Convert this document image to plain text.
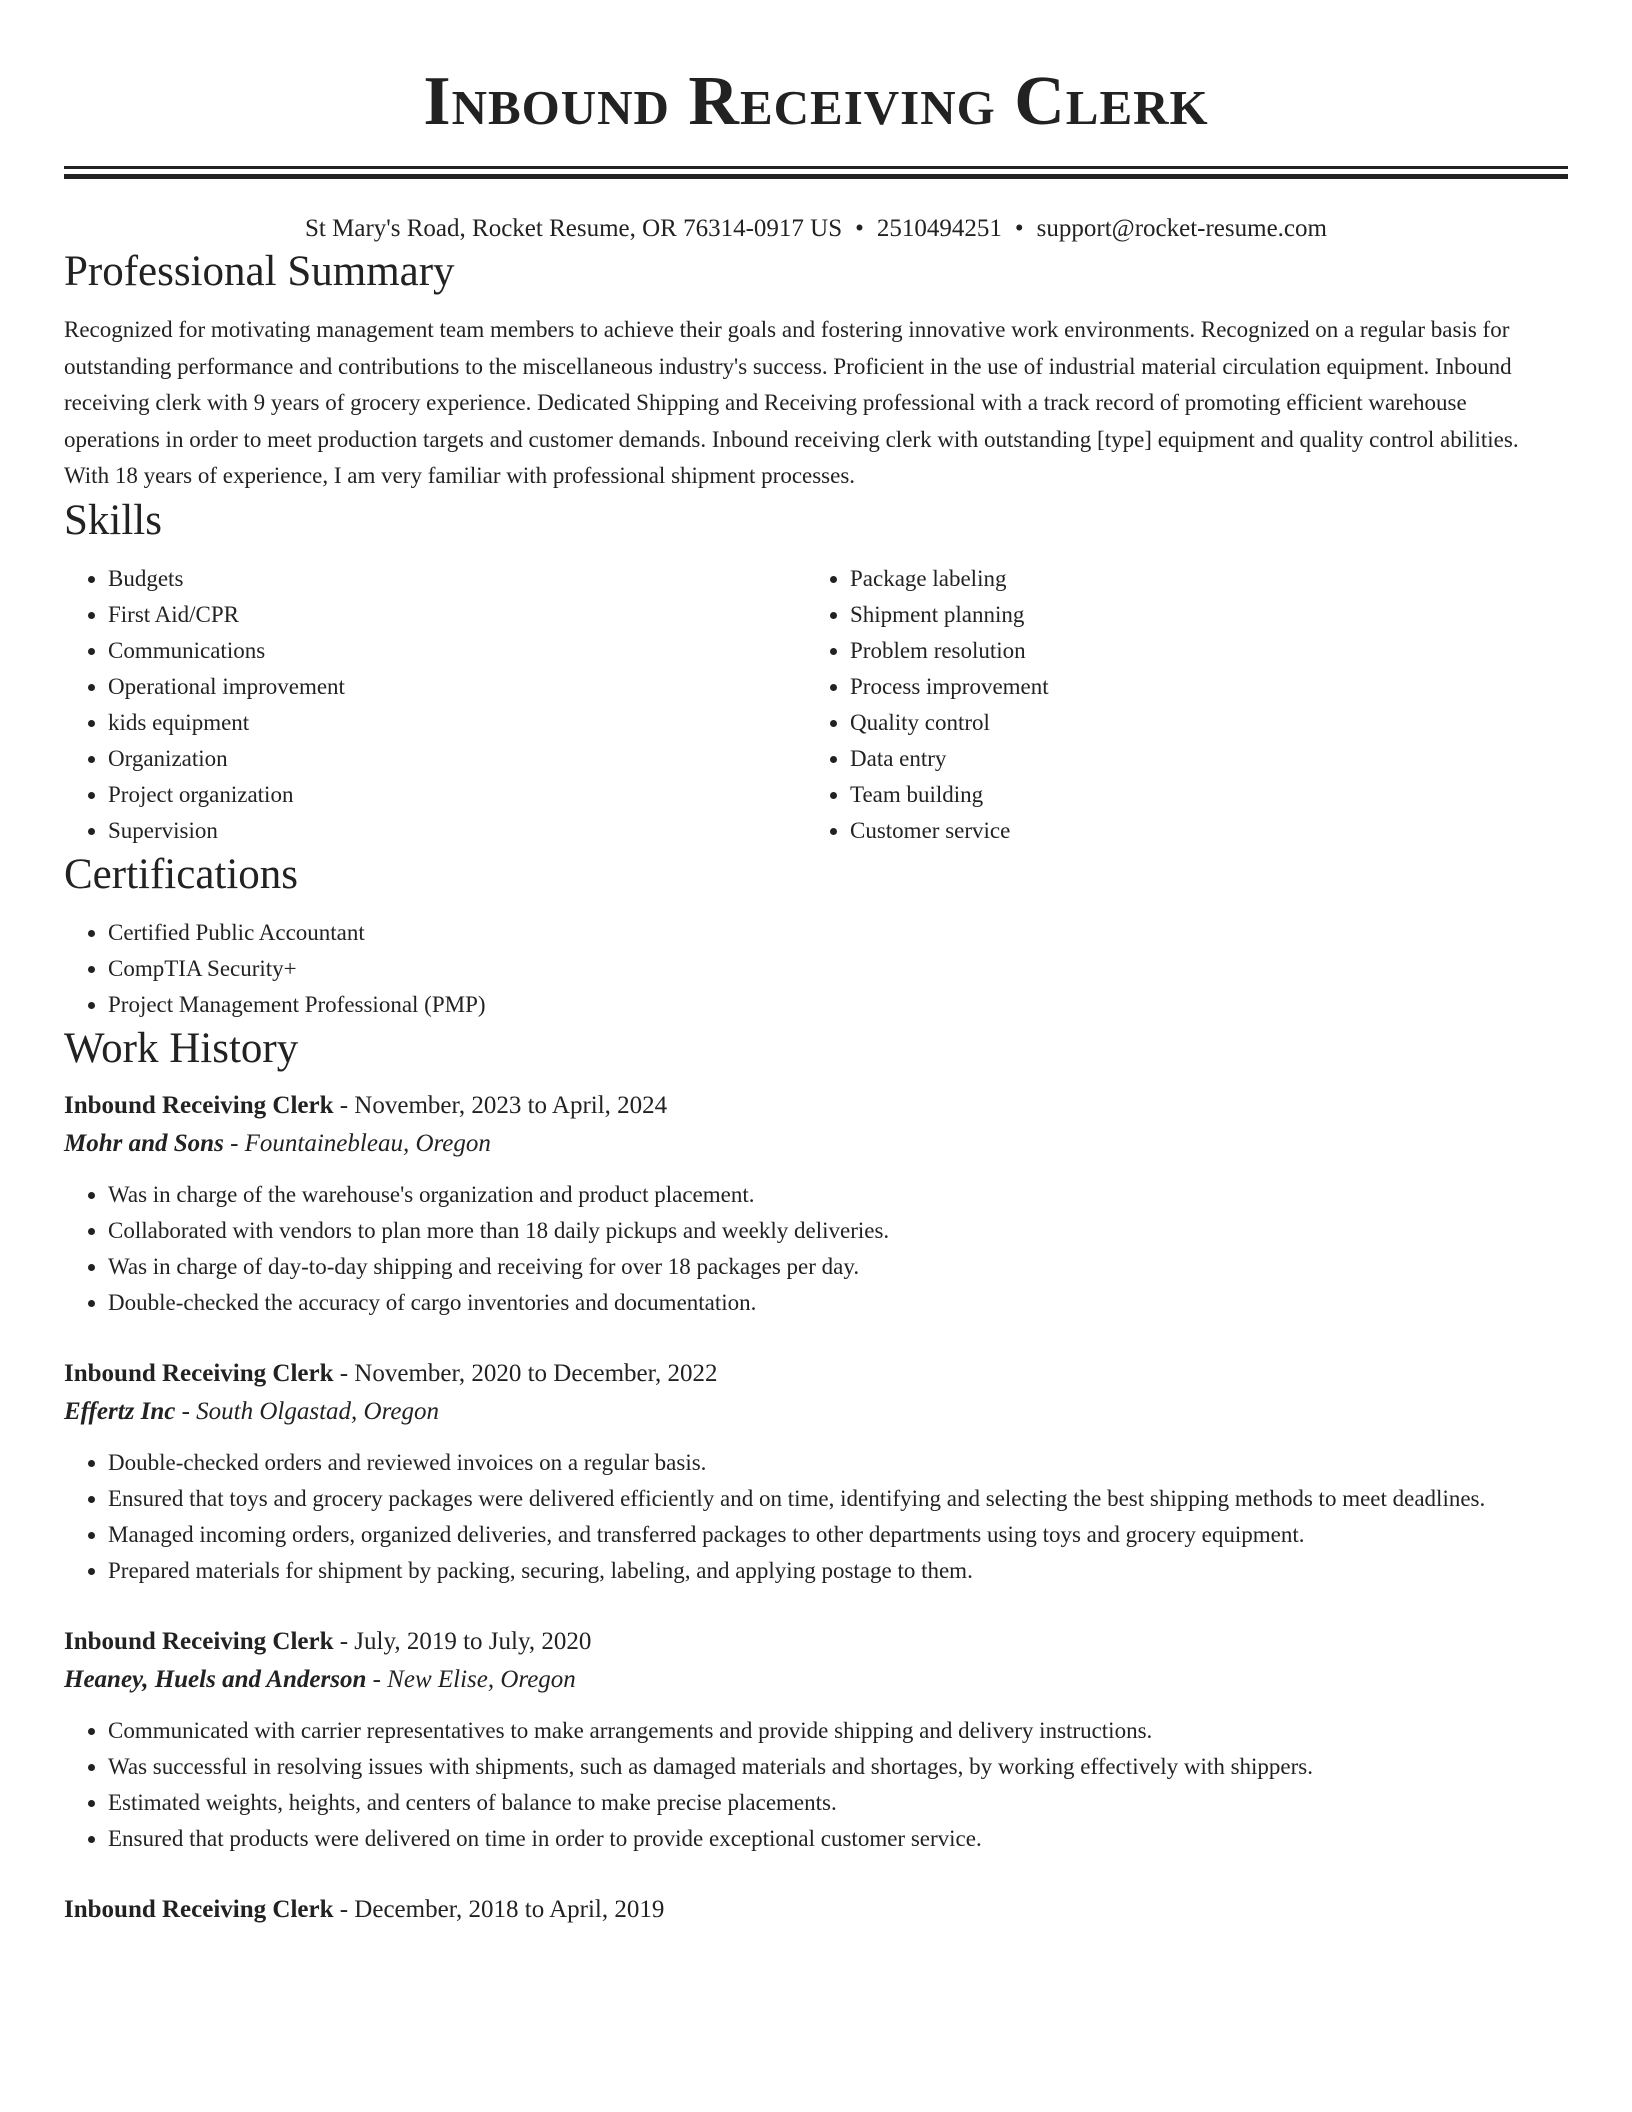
Inbound Receiving Clerk
St Mary's Road, Rocket Resume, OR 76314-0917 US • 2510494251 • support@rocket-resume.com
Professional Summary

Recognized for motivating management team members to achieve their goals and fostering innovative work environments. Recognized on a regular basis for outstanding performance and contributions to the miscellaneous industry's success. Proficient in the use of industrial material circulation equipment. Inbound receiving clerk with 9 years of grocery experience. Dedicated Shipping and Receiving professional with a track record of promoting efficient warehouse operations in order to meet production targets and customer demands. Inbound receiving clerk with outstanding [type] equipment and quality control abilities. With 18 years of experience, I am very familiar with professional shipment processes.

Skills
• Budgets
• First Aid/CPR
• Communications
• Operational improvement
• kids equipment
• Organization
• Project organization
• Supervision
• Package labeling
• Shipment planning
• Problem resolution
• Process improvement
• Quality control
• Data entry
• Team building
• Customer service
Certifications
• Certified Public Accountant
• CompTIA Security+
• Project Management Professional (PMP)
Work History
Inbound Receiving Clerk - November, 2023 to April, 2024
Mohr and Sons - Fountainebleau, Oregon
• Was in charge of the warehouse's organization and product placement.
• Collaborated with vendors to plan more than 18 daily pickups and weekly deliveries.
• Was in charge of day-to-day shipping and receiving for over 18 packages per day.
• Double-checked the accuracy of cargo inventories and documentation.
Inbound Receiving Clerk - November, 2020 to December, 2022
Effertz Inc - South Olgastad, Oregon
• Double-checked orders and reviewed invoices on a regular basis.
• Ensured that toys and grocery packages were delivered efficiently and on time, identifying and selecting the best shipping methods to meet deadlines.
• Managed incoming orders, organized deliveries, and transferred packages to other departments using toys and grocery equipment.
• Prepared materials for shipment by packing, securing, labeling, and applying postage to them.
Inbound Receiving Clerk - July, 2019 to July, 2020
Heaney, Huels and Anderson - New Elise, Oregon
• Communicated with carrier representatives to make arrangements and provide shipping and delivery instructions.
• Was successful in resolving issues with shipments, such as damaged materials and shortages, by working effectively with shippers.
• Estimated weights, heights, and centers of balance to make precise placements.
• Ensured that products were delivered on time in order to provide exceptional customer service.
Inbound Receiving Clerk - December, 2018 to April, 2019
